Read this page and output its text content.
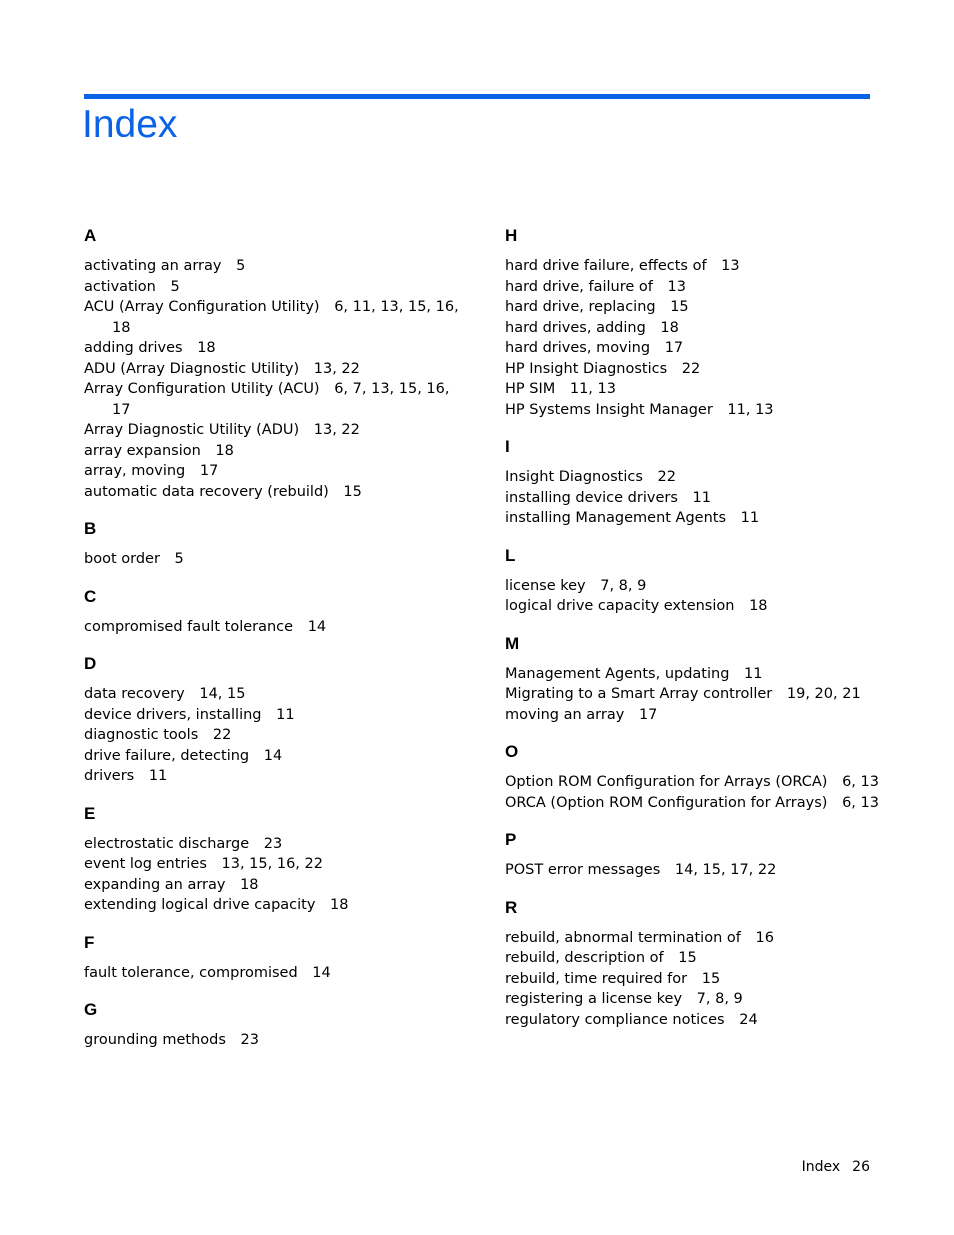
Index
A
activating an array 5
activation 5
ACU (Array Configuration Utility) 6, 11, 13, 15, 16, 18
adding drives 18
ADU (Array Diagnostic Utility) 13, 22
Array Configuration Utility (ACU) 6, 7, 13, 15, 16, 17
Array Diagnostic Utility (ADU) 13, 22
array expansion 18
array, moving 17
automatic data recovery (rebuild) 15
B
boot order 5
C
compromised fault tolerance 14
D
data recovery 14, 15
device drivers, installing 11
diagnostic tools 22
drive failure, detecting 14
drivers 11
E
electrostatic discharge 23
event log entries 13, 15, 16, 22
expanding an array 18
extending logical drive capacity 18
F
fault tolerance, compromised 14
G
grounding methods 23
H
hard drive failure, effects of 13
hard drive, failure of 13
hard drive, replacing 15
hard drives, adding 18
hard drives, moving 17
HP Insight Diagnostics 22
HP SIM 11, 13
HP Systems Insight Manager 11, 13
I
Insight Diagnostics 22
installing device drivers 11
installing Management Agents 11
L
license key 7, 8, 9
logical drive capacity extension 18
M
Management Agents, updating 11
Migrating to a Smart Array controller 19, 20, 21
moving an array 17
O
Option ROM Configuration for Arrays (ORCA) 6, 13
ORCA (Option ROM Configuration for Arrays) 6, 13
P
POST error messages 14, 15, 17, 22
R
rebuild, abnormal termination of 16
rebuild, description of 15
rebuild, time required for 15
registering a license key 7, 8, 9
regulatory compliance notices 24
Index 26
